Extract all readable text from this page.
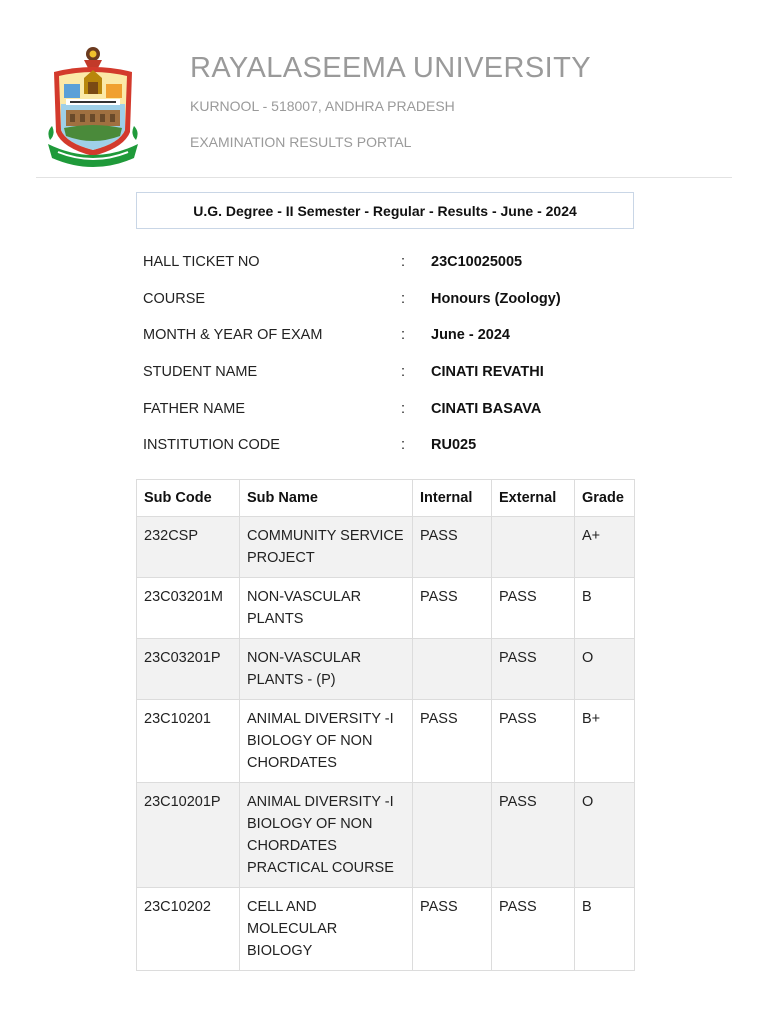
RAYALASEEMA UNIVERSITY
KURNOOL - 518007, ANDHRA PRADESH
EXAMINATION RESULTS PORTAL
U.G. Degree - II Semester - Regular - Results - June - 2024
HALL TICKET NO	:	23C10025005
COURSE	:	Honours (Zoology)
MONTH & YEAR OF EXAM	:	June - 2024
STUDENT NAME	:	CINATI REVATHI
FATHER NAME	:	CINATI BASAVA
INSTITUTION CODE	:	RU025
Sub Code	Sub Name	Internal	External	Grade
232CSP	COMMUNITY SERVICE PROJECT	PASS		A+
23C03201M	NON-VASCULAR PLANTS	PASS	PASS	B
23C03201P	NON-VASCULAR PLANTS - (P)		PASS	O
23C10201	ANIMAL DIVERSITY -I BIOLOGY OF NON CHORDATES	PASS	PASS	B+
23C10201P	ANIMAL DIVERSITY -I BIOLOGY OF NON CHORDATES PRACTICAL COURSE		PASS	O
23C10202	CELL AND MOLECULAR BIOLOGY	PASS	PASS	B
